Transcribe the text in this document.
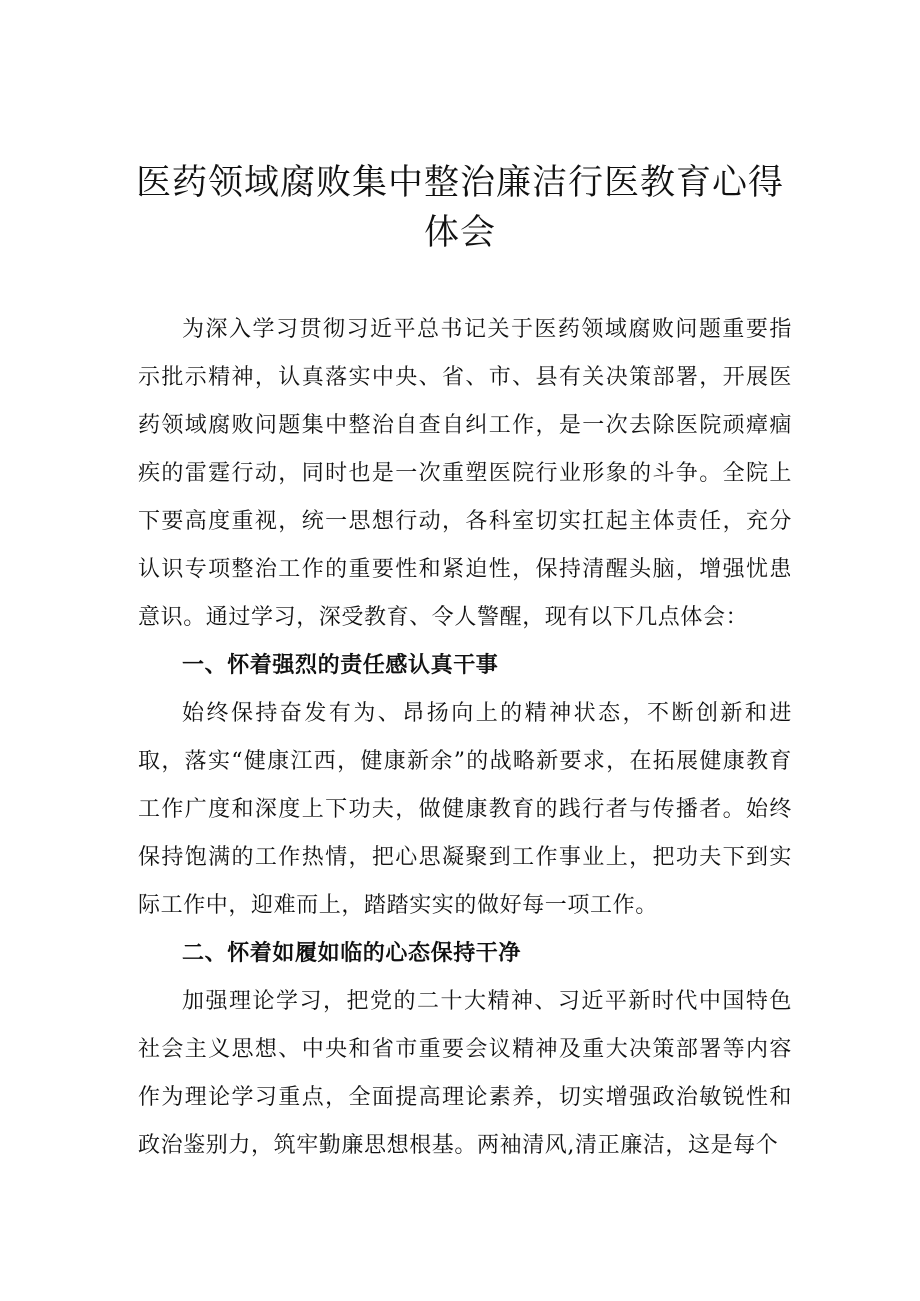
医药领域腐败集中整治廉洁行医教育心得
体会

为深入学习贯彻习近平总书记关于医药领域腐败问题重要指示批示精神，认真落实中央、省、市、县有关决策部署，开展医药领域腐败问题集中整治自查自纠工作，是一次去除医院顽瘴痼疾的雷霆行动，同时也是一次重塑医院行业形象的斗争。全院上下要高度重视，统一思想行动，各科室切实扛起主体责任，充分认识专项整治工作的重要性和紧迫性，保持清醒头脑，增强忧患意识。通过学习，深受教育、令人警醒，现有以下几点体会：

一、怀着强烈的责任感认真干事

始终保持奋发有为、昂扬向上的精神状态，不断创新和进取，落实“健康江西，健康新余”的战略新要求，在拓展健康教育工作广度和深度上下功夫，做健康教育的践行者与传播者。始终保持饱满的工作热情，把心思凝聚到工作事业上，把功夫下到实际工作中，迎难而上，踏踏实实的做好每一项工作。

二、怀着如履如临的心态保持干净

加强理论学习，把党的二十大精神、习近平新时代中国特色社会主义思想、中央和省市重要会议精神及重大决策部署等内容作为理论学习重点，全面提高理论素养，切实增强政治敏锐性和政治鉴别力，筑牢勤廉思想根基。两袖清风,清正廉洁，这是每个
